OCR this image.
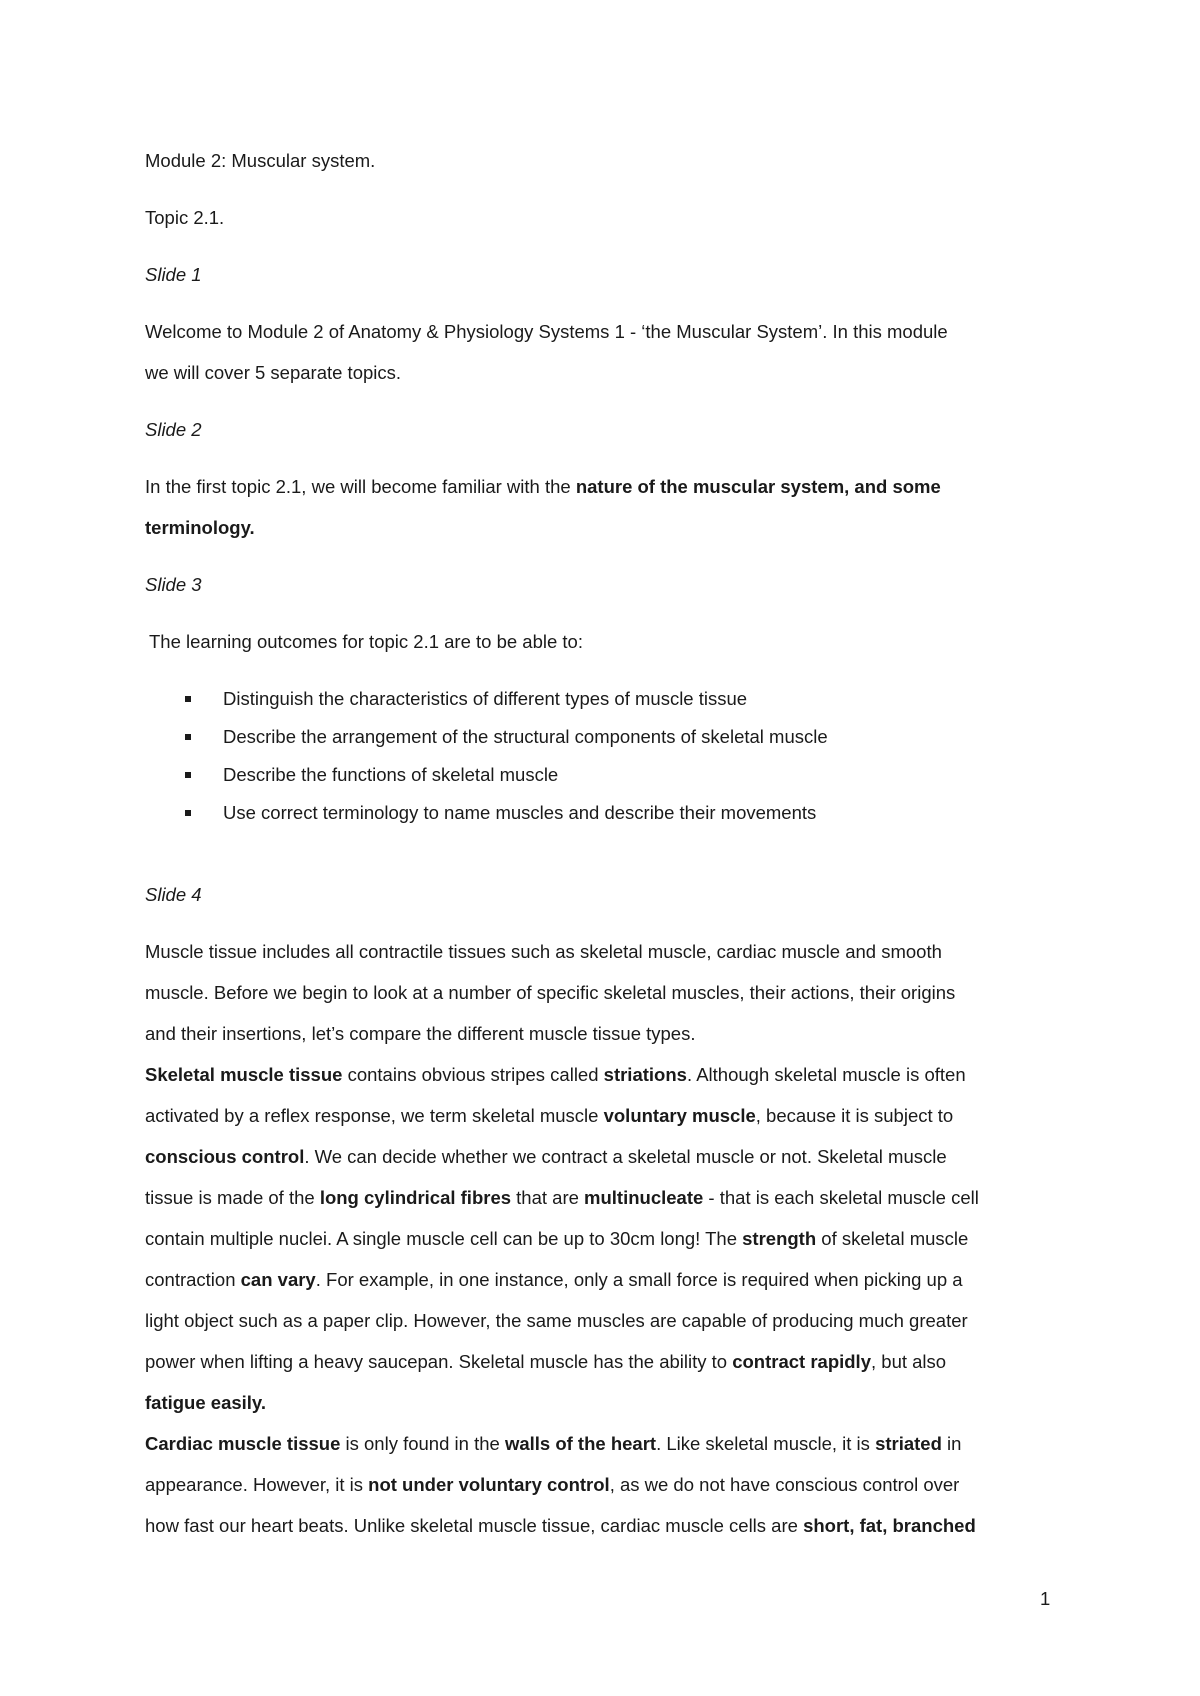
Module 2: Muscular system.
Topic 2.1.
Slide 1
Welcome to Module 2 of Anatomy & Physiology Systems 1 - ‘the Muscular System’. In this module
we will cover 5 separate topics.
Slide 2
In the first topic 2.1, we will become familiar with the nature of the muscular system, and some
terminology.
Slide 3
The learning outcomes for topic 2.1 are to be able to:
Distinguish the characteristics of different types of muscle tissue
Describe the arrangement of the structural components of skeletal muscle
Describe the functions of skeletal muscle
Use correct terminology to name muscles and describe their movements
Slide 4
Muscle tissue includes all contractile tissues such as skeletal muscle, cardiac muscle and smooth
muscle. Before we begin to look at a number of specific skeletal muscles, their actions, their origins
and their insertions, let’s compare the different muscle tissue types.
Skeletal muscle tissue contains obvious stripes called striations. Although skeletal muscle is often
activated by a reflex response, we term skeletal muscle voluntary muscle, because it is subject to
conscious control. We can decide whether we contract a skeletal muscle or not. Skeletal muscle
tissue is made of the long cylindrical fibres that are multinucleate - that is each skeletal muscle cell
contain multiple nuclei. A single muscle cell can be up to 30cm long! The strength of skeletal muscle
contraction can vary. For example, in one instance, only a small force is required when picking up a
light object such as a paper clip. However, the same muscles are capable of producing much greater
power when lifting a heavy saucepan. Skeletal muscle has the ability to contract rapidly, but also
fatigue easily.
Cardiac muscle tissue is only found in the walls of the heart. Like skeletal muscle, it is striated in
appearance. However, it is not under voluntary control, as we do not have conscious control over
how fast our heart beats. Unlike skeletal muscle tissue, cardiac muscle cells are short, fat, branched
1
